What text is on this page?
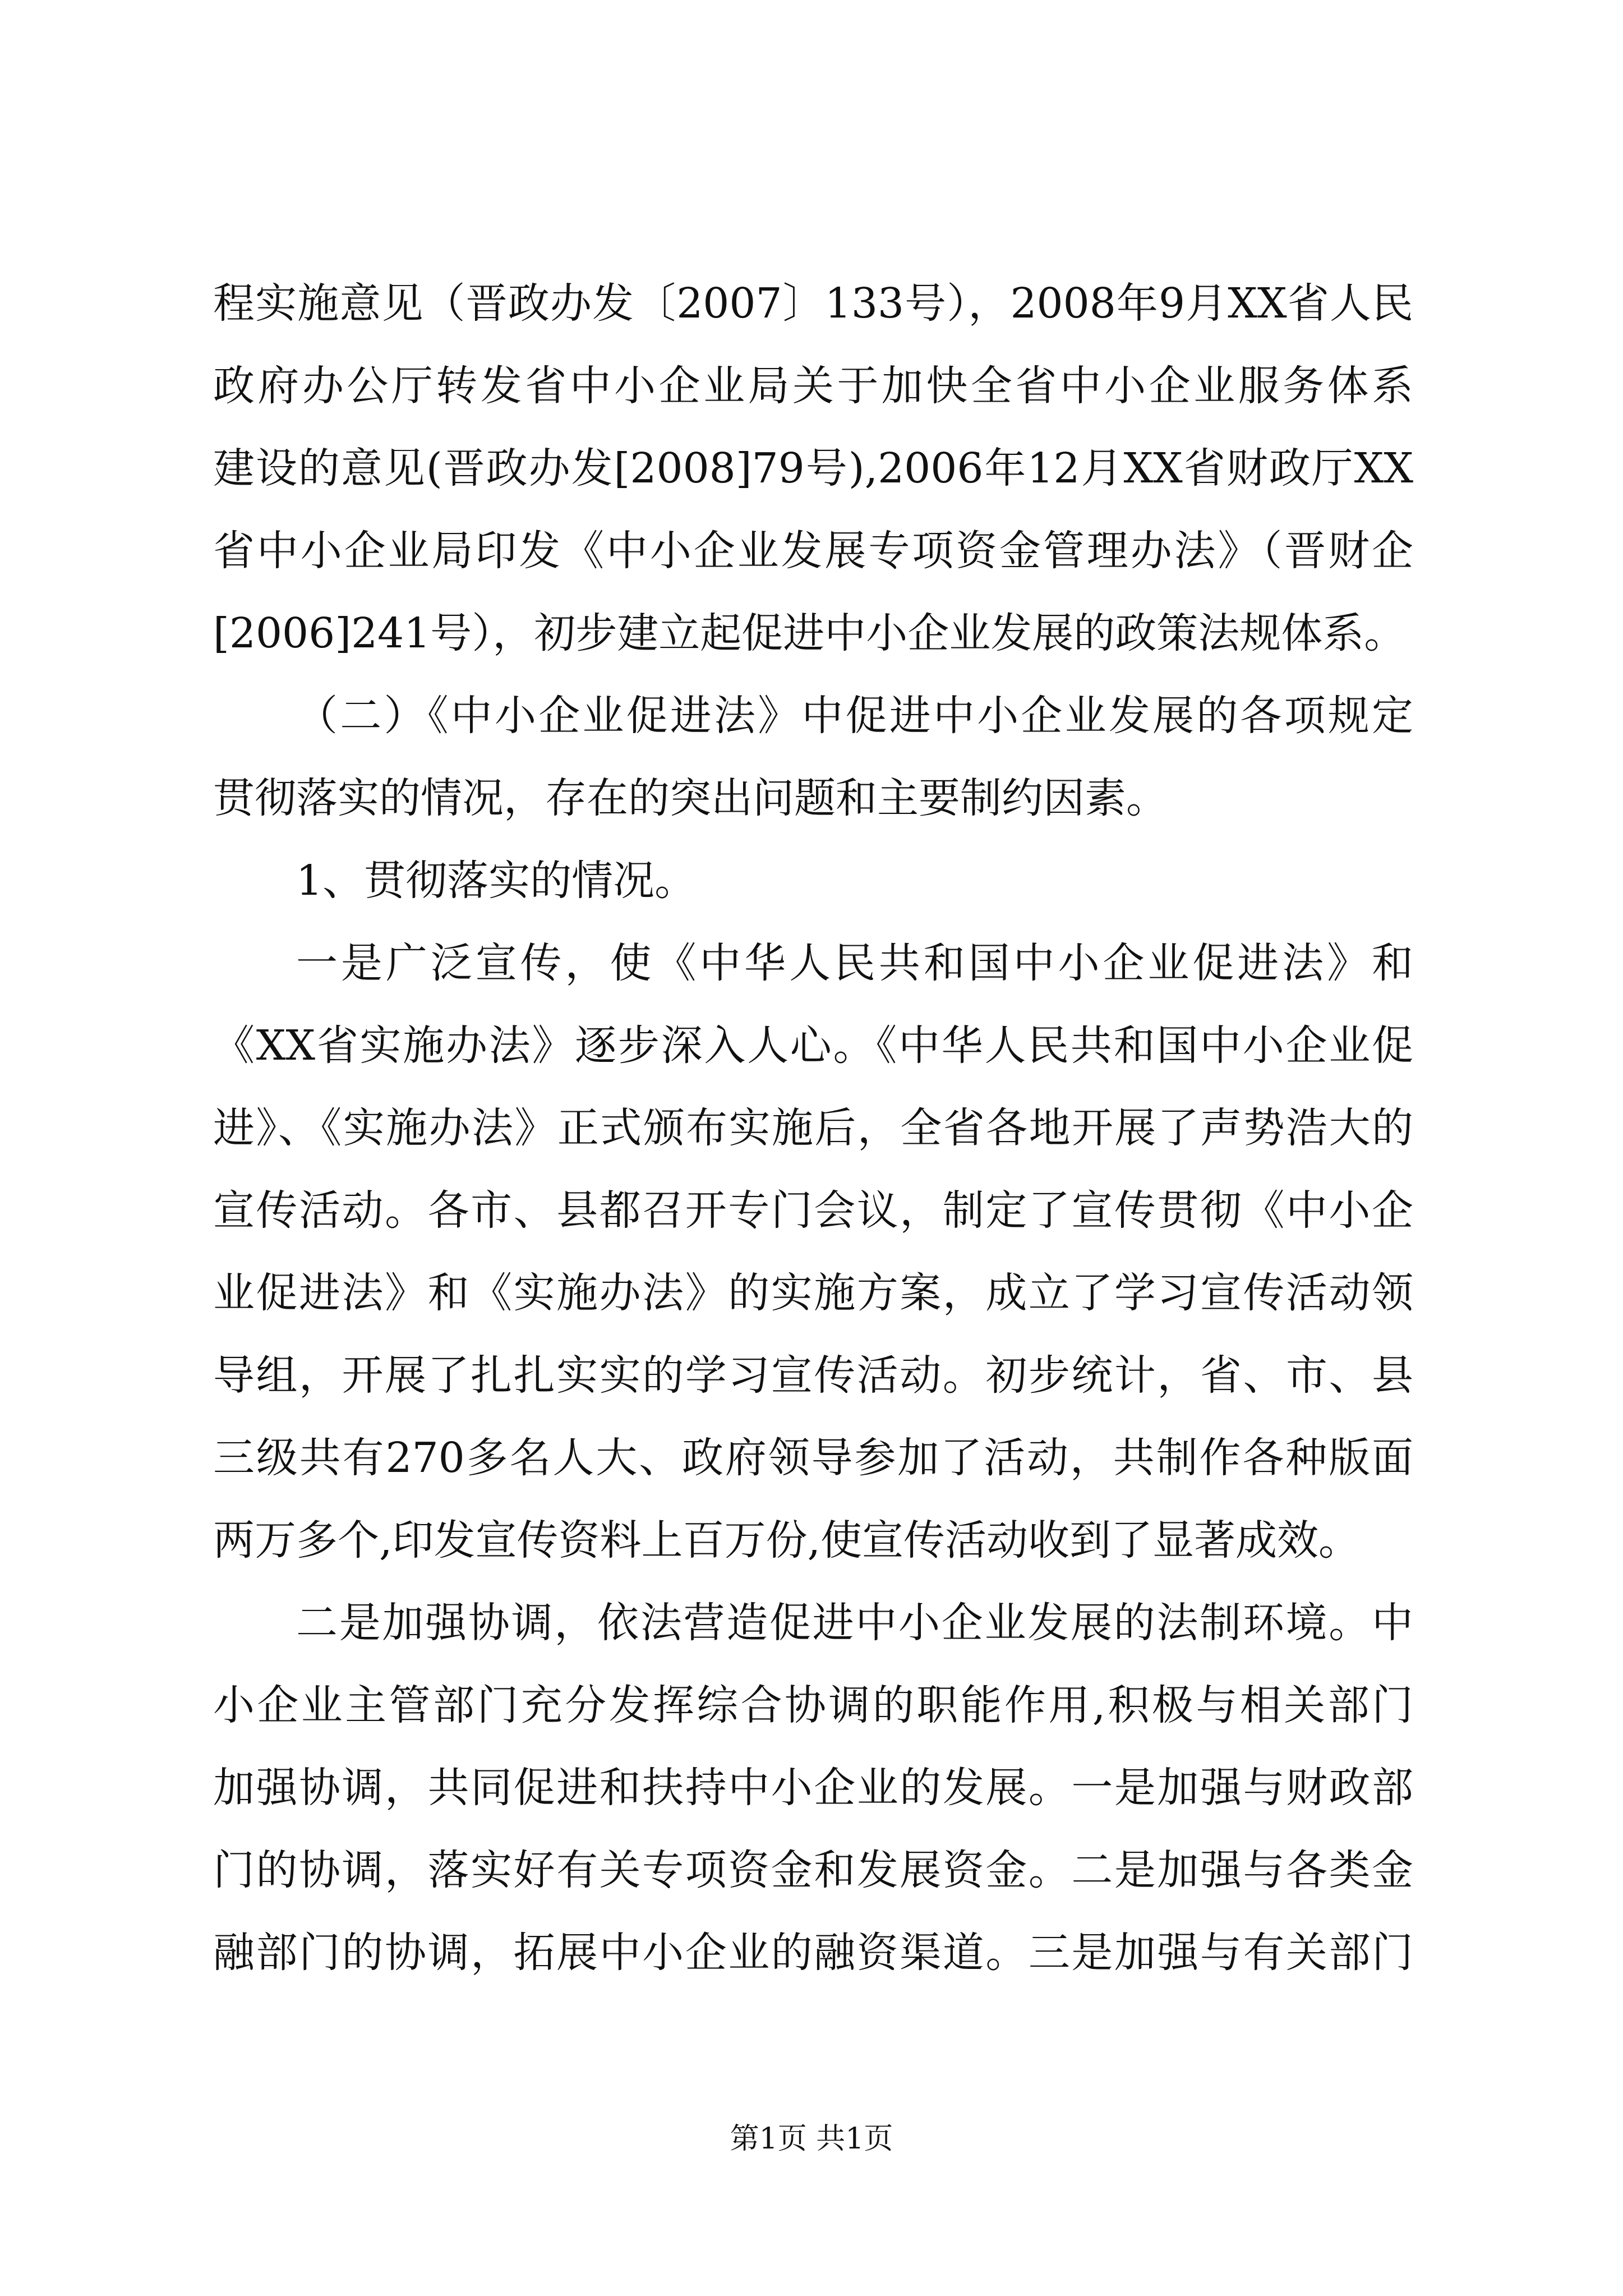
程实施意见（晋政办发〔2007〕133号），2008年9月XX省人民
政府办公厅转发省中小企业局关于加快全省中小企业服务体系
建设的意见(晋政办发[2008]79号),2006年12月XX省财政厅XX
省中小企业局印发《中小企业发展专项资金管理办法》（晋财企
[2006]241号），初步建立起促进中小企业发展的政策法规体系。
（二）《中小企业促进法》中促进中小企业发展的各项规定
贯彻落实的情况，存在的突出问题和主要制约因素。
1、贯彻落实的情况。
一是广泛宣传，使《中华人民共和国中小企业促进法》和
《XX省实施办法》逐步深入人心。《中华人民共和国中小企业促
进》、《实施办法》正式颁布实施后，全省各地开展了声势浩大的
宣传活动。各市、县都召开专门会议，制定了宣传贯彻《中小企
业促进法》和《实施办法》的实施方案，成立了学习宣传活动领
导组，开展了扎扎实实的学习宣传活动。初步统计，省、市、县
三级共有270多名人大、政府领导参加了活动，共制作各种版面
两万多个,印发宣传资料上百万份,使宣传活动收到了显著成效。
二是加强协调，依法营造促进中小企业发展的法制环境。中
小企业主管部门充分发挥综合协调的职能作用,积极与相关部门
加强协调，共同促进和扶持中小企业的发展。一是加强与财政部
门的协调，落实好有关专项资金和发展资金。二是加强与各类金
融部门的协调，拓展中小企业的融资渠道。三是加强与有关部门
第1页 共1页
